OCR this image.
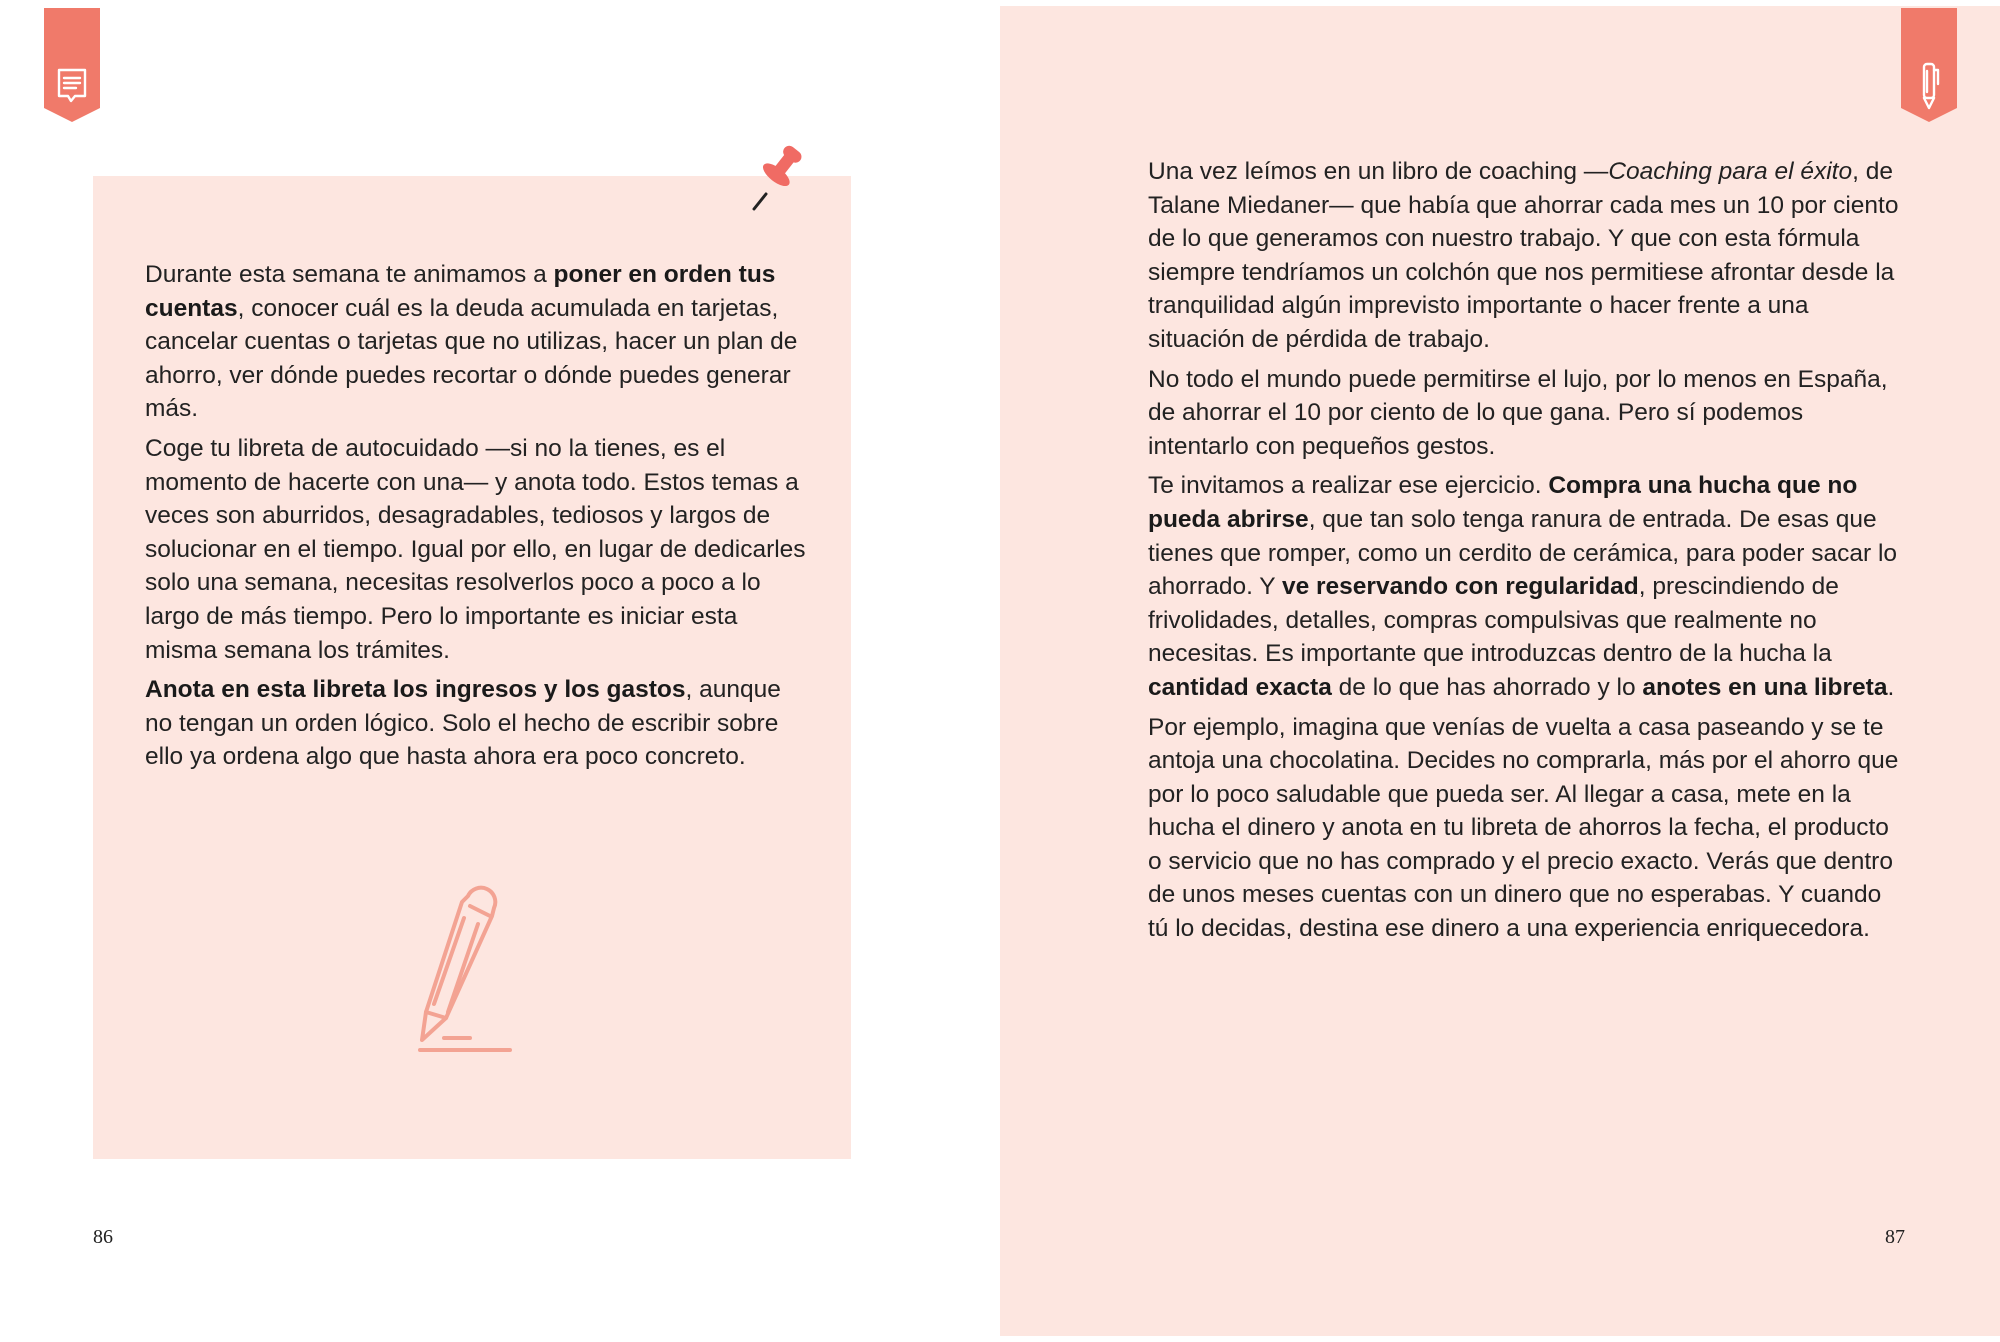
Durante esta semana te animamos a poner en orden tus cuentas, conocer cuál es la deuda acumulada en tarjetas, cancelar cuentas o tarjetas que no utilizas, hacer un plan de ahorro, ver dónde puedes recortar o dónde puedes generar más.

Coge tu libreta de autocuidado —si no la tienes, es el momento de hacerte con una— y anota todo. Estos temas a veces son aburridos, desagradables, tediosos y largos de solucionar en el tiempo. Igual por ello, en lugar de dedicarles solo una semana, necesitas resolverlos poco a poco a lo largo de más tiempo. Pero lo importante es iniciar esta misma semana los trámites.

Anota en esta libreta los ingresos y los gastos, aunque no tengan un orden lógico. Solo el hecho de escribir sobre ello ya ordena algo que hasta ahora era poco concreto.

Una vez leímos en un libro de coaching —Coaching para el éxito, de Talane Miedaner— que había que ahorrar cada mes un 10 por ciento de lo que generamos con nuestro trabajo. Y que con esta fórmula siempre tendríamos un colchón que nos permitiese afrontar desde la tranquilidad algún imprevisto importante o hacer frente a una situación de pérdida de trabajo.

No todo el mundo puede permitirse el lujo, por lo menos en España, de ahorrar el 10 por ciento de lo que gana. Pero sí podemos intentarlo con pequeños gestos.

Te invitamos a realizar ese ejercicio. Compra una hucha que no pueda abrirse, que tan solo tenga ranura de entrada. De esas que tienes que romper, como un cerdito de cerámica, para poder sacar lo ahorrado. Y ve reservando con regularidad, prescindiendo de frivolidades, detalles, compras compulsivas que realmente no necesitas. Es importante que introduzcas dentro de la hucha la cantidad exacta de lo que has ahorrado y lo anotes en una libreta.

Por ejemplo, imagina que venías de vuelta a casa paseando y se te antoja una chocolatina. Decides no comprarla, más por el ahorro que por lo poco saludable que pueda ser. Al llegar a casa, mete en la hucha el dinero y anota en tu libreta de ahorros la fecha, el producto o servicio que no has comprado y el precio exacto. Verás que dentro de unos meses cuentas con un dinero que no esperabas. Y cuando tú lo decidas, destina ese dinero a una experiencia enriquecedora.

86	87
